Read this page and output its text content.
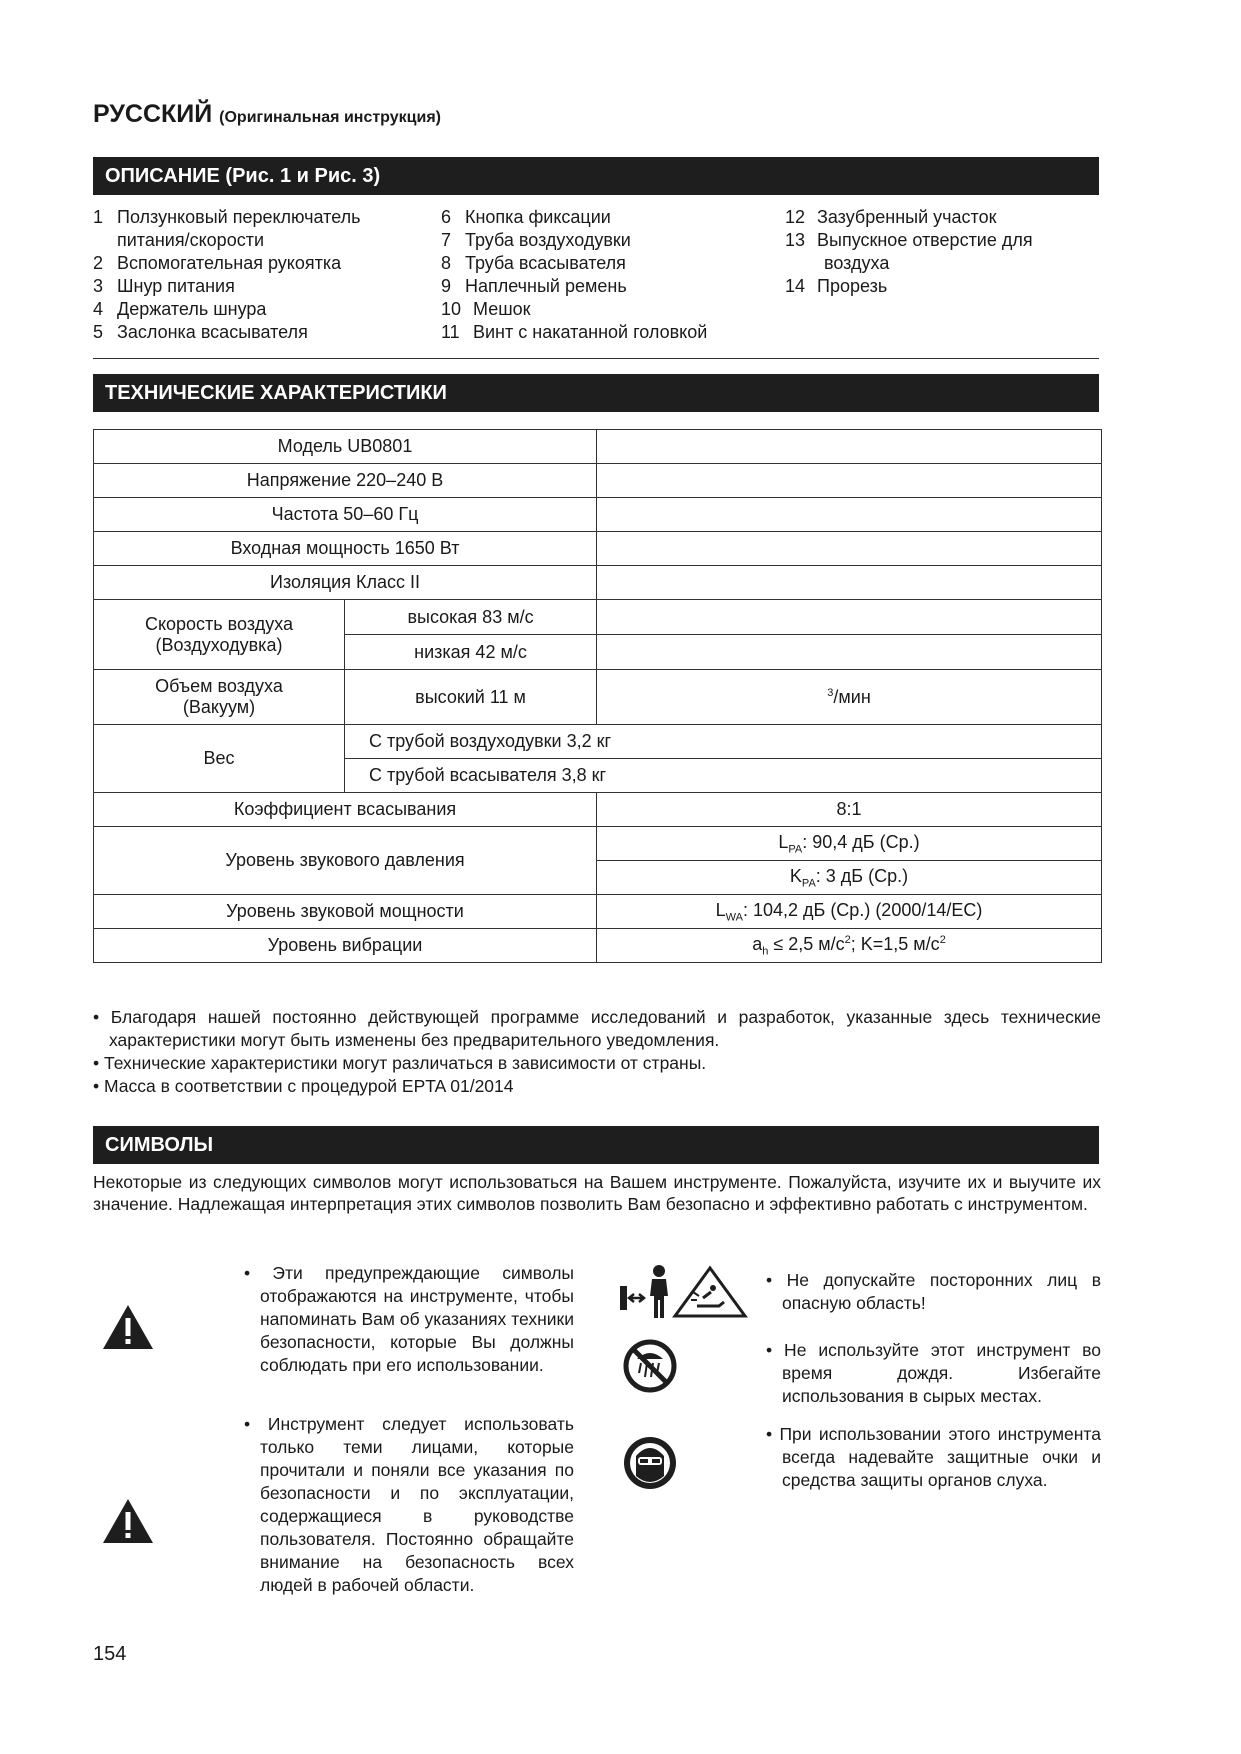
РУССКИЙ (Оригинальная инструкция)
ОПИСАНИЕ (Рис. 1 и Рис. 3)
1 Ползунковый переключатель
питания/скорости
2 Вспомогательная рукоятка
3 Шнур питания
4 Держатель шнура
5 Заслонка всасывателя
6 Кнопка фиксации
7 Труба воздуходувки
8 Труба всасывателя
9 Наплечный ремень
10 Мешок
11 Винт с накатанной головкой
12 Зазубренный участок
13 Выпускное отверстие для
воздуха
14 Прорезь
ТЕХНИЧЕСКИЕ ХАРАКТЕРИСТИКИ
Модель UB0801		
Напряжение 220–240 В		
Частота 50–60 Гц		
Входная мощность 1650 Вт		
Изоляция Класс II		

Скорость воздуха
(Воздуходувка)	высокая 83 м/с	
	низкая 42 м/с	

Объем воздуха
(Вакуум)	высокий 11 м	$^3$/мин
Вес	С трубой воздуходувки 3,2 кг	
	С трубой всасывателя 3,8 кг	
Коэффициент всасывания		8:1
Уровень звукового давления		$L_{PA}$: 90,4 дБ (Ср.)
		$K_{PA}$: 3 дБ (Ср.)
Уровень звуковой мощности		$L_{WA}$: 104,2 дБ (Ср.) (2000/14/EC)
Уровень вибрации		$a_h \le 2,5$ $м/с^2$; K=1,5 $м/с^2$
• Благодаря нашей постоянно действующей программе исследований и разработок, указанные здесь технические характеристики могут быть изменены без предварительного уведомления.
• Технические характеристики могут различаться в зависимости от страны.
• Масса в соответствии с процедурой EPTA 01/2014
СИМВОЛЫ
Некоторые из следующих символов могут использоваться на Вашем инструменте. Пожалуйста, изучите их и выучите их значение. Надлежащая интерпретация этих символов позволить Вам безопасно и эффективно работать с инструментом.
• Эти предупреждающие символы отображаются на инструменте, чтобы напоминать Вам об указаниях техники безопасности, которые Вы должны соблюдать при его использовании.
• Инструмент следует использовать только теми лицами, которые прочитали и поняли все указания по безопасности и по эксплуатации, содержащиеся в руководстве пользователя. Постоянно обращайте внимание на безопасность всех людей в рабочей области.
• Не допускайте посторонних лиц в опасную область!
• Не используйте этот инструмент во время дождя. Избегайте использования в сырых местах.
• При использовании этого инструмента всегда надевайте защитные очки и средства защиты органов слуха.
154
